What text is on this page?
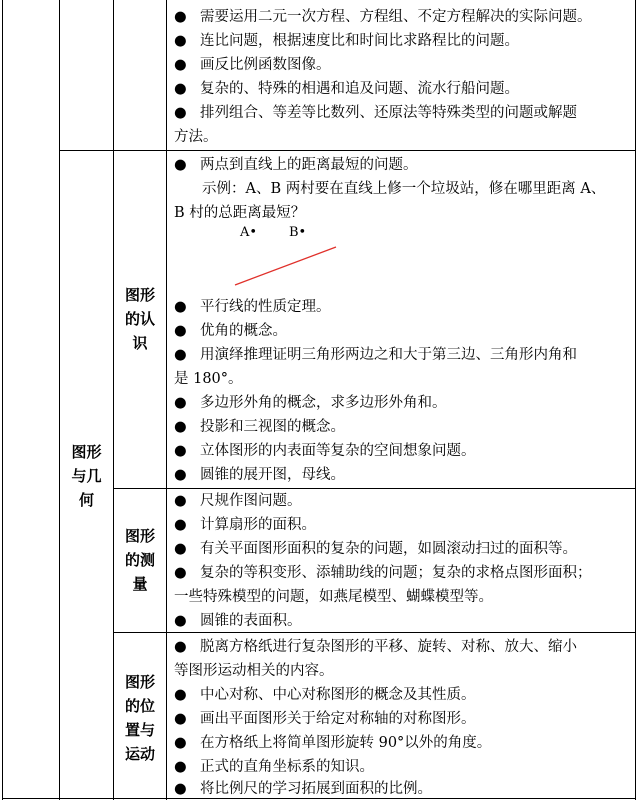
图形
与几
何
图形
的认
识
图形
的测
量
图形
的位
置与
运动
● 需要运用二元一次方程、方程组、不定方程解决的实际问题。
● 连比问题，根据速度比和时间比求路程比的问题。
● 画反比例函数图像。
● 复杂的、特殊的相遇和追及问题、流水行船问题。
● 排列组合、等差等比数列、还原法等特殊类型的问题或解题
方法。
● 两点到直线上的距离最短的问题。
示例：A、B 两村要在直线上修一个垃圾站，修在哪里距离 A、
B 村的总距离最短？
A• B•
● 平行线的性质定理。
● 优角的概念。
● 用演绎推理证明三角形两边之和大于第三边、三角形内角和
是 180°。
● 多边形外角的概念，求多边形外角和。
● 投影和三视图的概念。
● 立体图形的内表面等复杂的空间想象问题。
● 圆锥的展开图，母线。
● 尺规作图问题。
● 计算扇形的面积。
● 有关平面图形面积的复杂的问题，如圆滚动扫过的面积等。
● 复杂的等积变形、添辅助线的问题；复杂的求格点图形面积；
一些特殊模型的问题，如燕尾模型、蝴蝶模型等。
● 圆锥的表面积。
● 脱离方格纸进行复杂图形的平移、旋转、对称、放大、缩小
等图形运动相关的内容。
● 中心对称、中心对称图形的概念及其性质。
● 画出平面图形关于给定对称轴的对称图形。
● 在方格纸上将简单图形旋转 90°以外的角度。
● 正式的直角坐标系的知识。
● 将比例尺的学习拓展到面积的比例。
